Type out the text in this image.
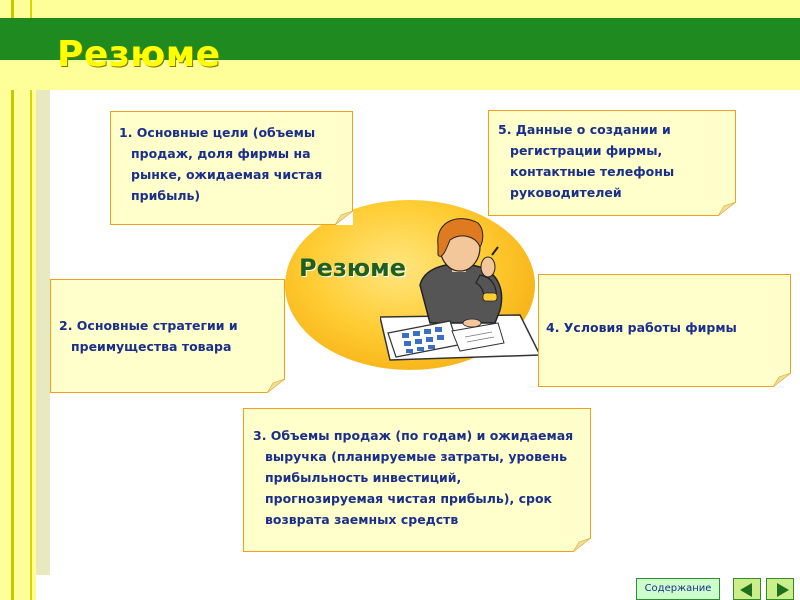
Резюме
Резюме
1. Основные цели (объемы продаж, доля фирмы на рынке, ожидаемая чистая прибыль)
2. Основные стратегии и преимущества товара
3. Объемы продаж (по годам) и ожидаемая выручка (планируемые затраты, уровень прибыльность инвестиций, прогнозируемая чистая прибыль), срок возврата заемных средств
4. Условия работы фирмы
5. Данные о создании и регистрации фирмы, контактные телефоны руководителей
Содержание
